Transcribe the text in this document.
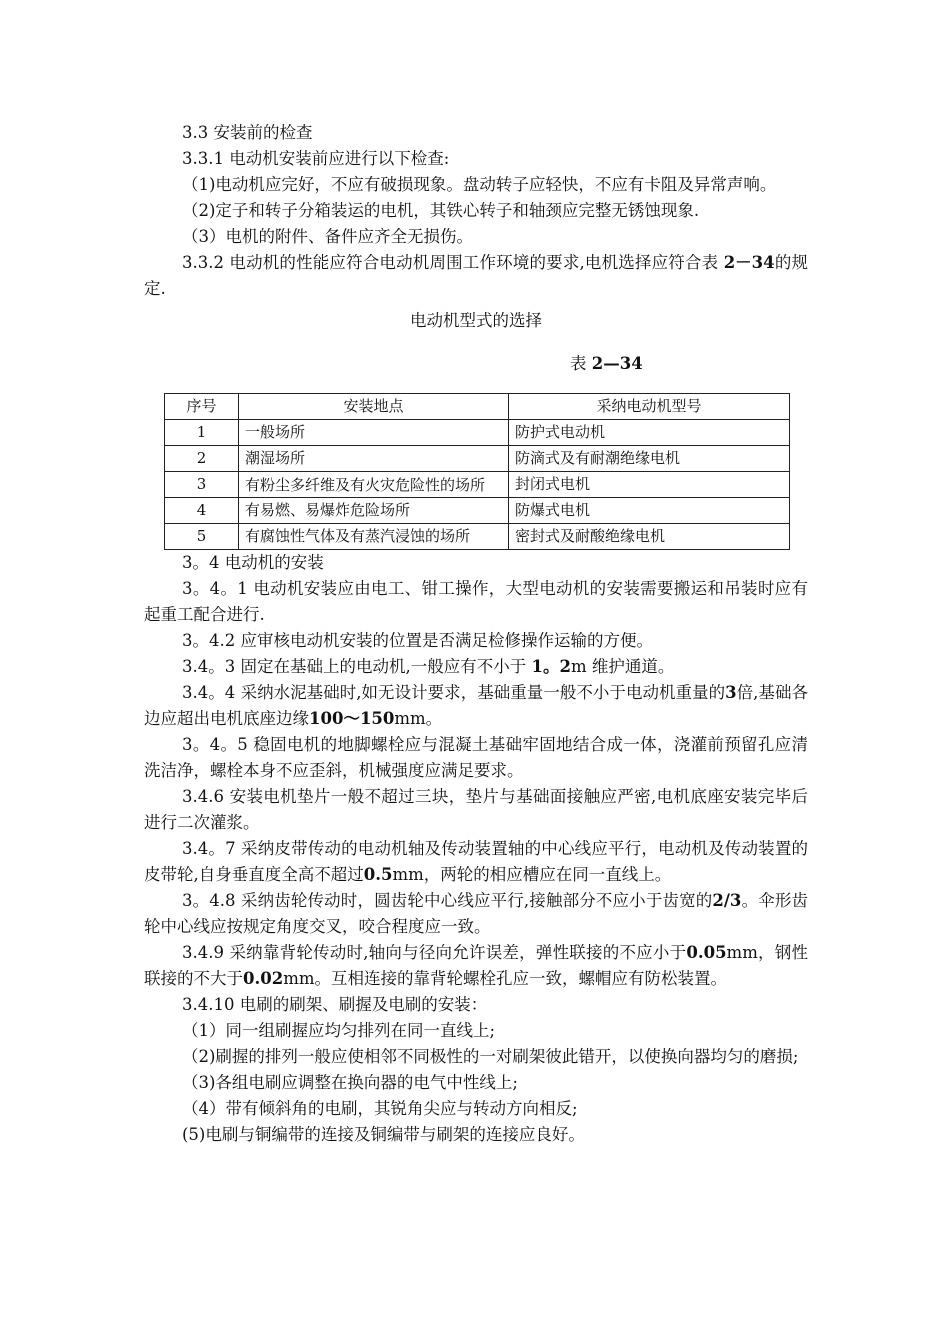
3.3 安装前的检查

3.3.1 电动机安装前应进行以下检查:

（1)电动机应完好，不应有破损现象。盘动转子应轻快，不应有卡阻及异常声响。

（2)定子和转子分箱装运的电机，其铁心转子和轴颈应完整无锈蚀现象.

（3）电机的附件、备件应齐全无损伤。

3.3.2 电动机的性能应符合电动机周围工作环境的要求,电机选择应符合表 2－34的规定.

电动机型式的选择

表 2—34

序号	安装地点	采纳电动机型号
1	一般场所	防护式电动机
2	潮湿场所	防滴式及有耐潮绝缘电机
3	有粉尘多纤维及有火灾危险性的场所	封闭式电机
4	有易燃、易爆炸危险场所	防爆式电机
5	有腐蚀性气体及有蒸汽浸蚀的场所	密封式及耐酸绝缘电机

3。4 电动机的安装

3。4。1 电动机安装应由电工、钳工操作，大型电动机的安装需要搬运和吊装时应有起重工配合进行.

3。4.2 应审核电动机安装的位置是否满足检修操作运输的方便。

3.4。3 固定在基础上的电动机,一般应有不小于 1。2m 维护通道。

3.4。4 采纳水泥基础时,如无设计要求，基础重量一般不小于电动机重量的3倍,基础各边应超出电机底座边缘100～150mm。

3。4。5 稳固电机的地脚螺栓应与混凝土基础牢固地结合成一体，浇灌前预留孔应清洗洁净，螺栓本身不应歪斜，机械强度应满足要求。

3.4.6 安装电机垫片一般不超过三块，垫片与基础面接触应严密,电机底座安装完毕后进行二次灌浆。

3.4。7 采纳皮带传动的电动机轴及传动装置轴的中心线应平行，电动机及传动装置的皮带轮,自身垂直度全高不超过0.5mm，两轮的相应槽应在同一直线上。

3。4.8 采纳齿轮传动时，圆齿轮中心线应平行,接触部分不应小于齿宽的2/3。伞形齿轮中心线应按规定角度交叉，咬合程度应一致。

3.4.9 采纳靠背轮传动时,轴向与径向允许误差，弹性联接的不应小于0.05mm，钢性联接的不大于0.02mm。互相连接的靠背轮螺栓孔应一致，螺帽应有防松装置。

3.4.10 电刷的刷架、刷握及电刷的安装：

（1）同一组刷握应均匀排列在同一直线上;

（2)刷握的排列一般应使相邻不同极性的一对刷架彼此错开，以使换向器均匀的磨损;

（3)各组电刷应调整在换向器的电气中性线上;

（4）带有倾斜角的电刷，其锐角尖应与转动方向相反;

(5)电刷与铜编带的连接及铜编带与刷架的连接应良好。
